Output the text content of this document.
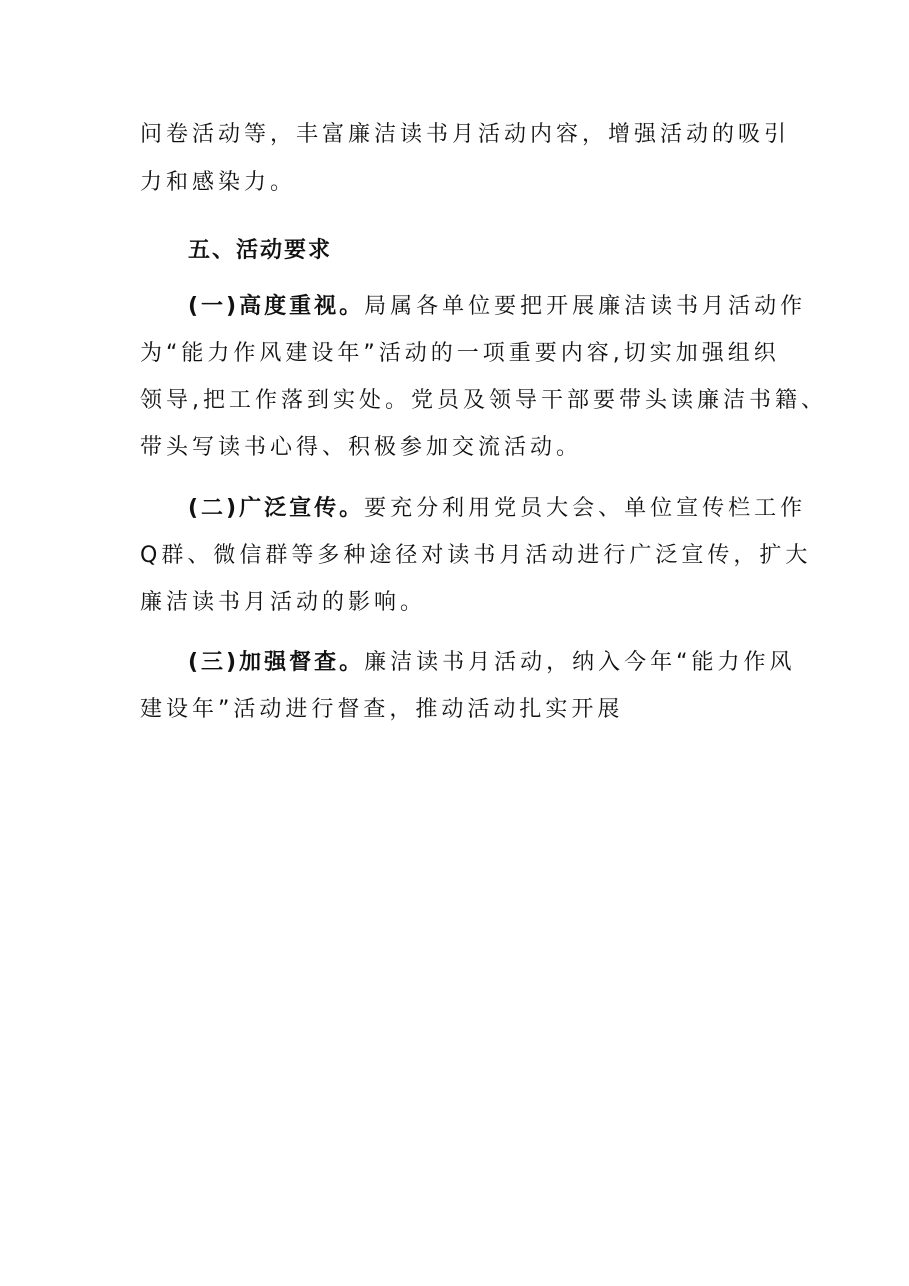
问卷活动等，丰富廉洁读书月活动内容，增强活动的吸引
力和感染力。
五、活动要求
(一)高度重视。局属各单位要把开展廉洁读书月活动作
为“能力作风建设年”活动的一项重要内容,切实加强组织
领导,把工作落到实处。党员及领导干部要带头读廉洁书籍、
带头写读书心得、积极参加交流活动。
(二)广泛宣传。要充分利用党员大会、单位宣传栏工作
Q群、微信群等多种途径对读书月活动进行广泛宣传，扩大
廉洁读书月活动的影响。
(三)加强督查。廉洁读书月活动，纳入今年“能力作风
建设年”活动进行督查，推动活动扎实开展
